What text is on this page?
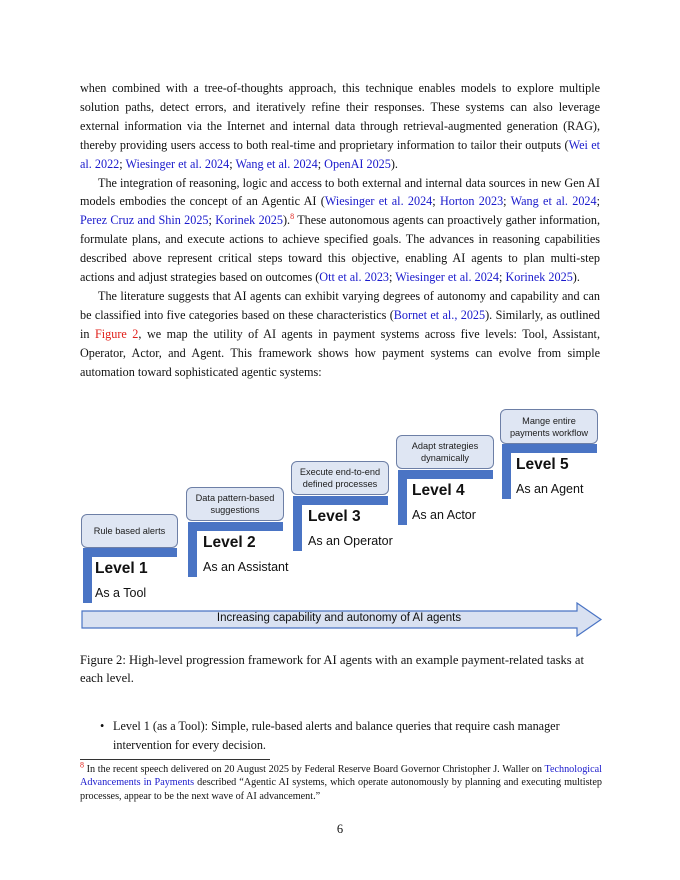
when combined with a tree-of-thoughts approach, this technique enables models to explore multiple solution paths, detect errors, and iteratively refine their responses. These systems can also leverage external information via the Internet and internal data through retrieval-augmented generation (RAG), thereby providing users access to both real-time and proprietary information to tailor their outputs (Wei et al. 2022; Wiesinger et al. 2024; Wang et al. 2024; OpenAI 2025).

The integration of reasoning, logic and access to both external and internal data sources in new Gen AI models embodies the concept of an Agentic AI (Wiesinger et al. 2024; Horton 2023; Wang et al. 2024; Perez Cruz and Shin 2025; Korinek 2025).$^8$ These autonomous agents can proactively gather information, formulate plans, and execute actions to achieve specified goals. The advances in reasoning capabilities described above represent critical steps toward this objective, enabling AI agents to plan multi-step actions and adjust strategies based on outcomes (Ott et al. 2023; Wiesinger et al. 2024; Korinek 2025).

The literature suggests that AI agents can exhibit varying degrees of autonomy and capability and can be classified into five categories based on these characteristics (Bornet et al., 2025). Similarly, as outlined in Figure 2, we map the utility of AI agents in payment systems across five levels: Tool, Assistant, Operator, Actor, and Agent. This framework shows how payment systems can evolve from simple automation toward sophisticated agentic systems:

Rule based alerts
Level 1
As a Tool
Data pattern-based suggestions
Level 2
As an Assistant
Execute end-to-end defined processes
Level 3
As an Operator
Adapt strategies dynamically
Level 4
As an Actor
Mange entire payments workflow
Level 5
As an Agent
Increasing capability and autonomy of AI agents
Figure 2: High-level progression framework for AI agents with an example payment-related tasks at each level.
• Level 1 (as a Tool): Simple, rule-based alerts and balance queries that require cash manager intervention for every decision.
$^8$ In the recent speech delivered on 20 August 2025 by Federal Reserve Board Governor Christopher J. Waller on Technological Advancements in Payments described “Agentic AI systems, which operate autonomously by planning and executing multistep processes, appear to be the next wave of AI advancement.”
6
